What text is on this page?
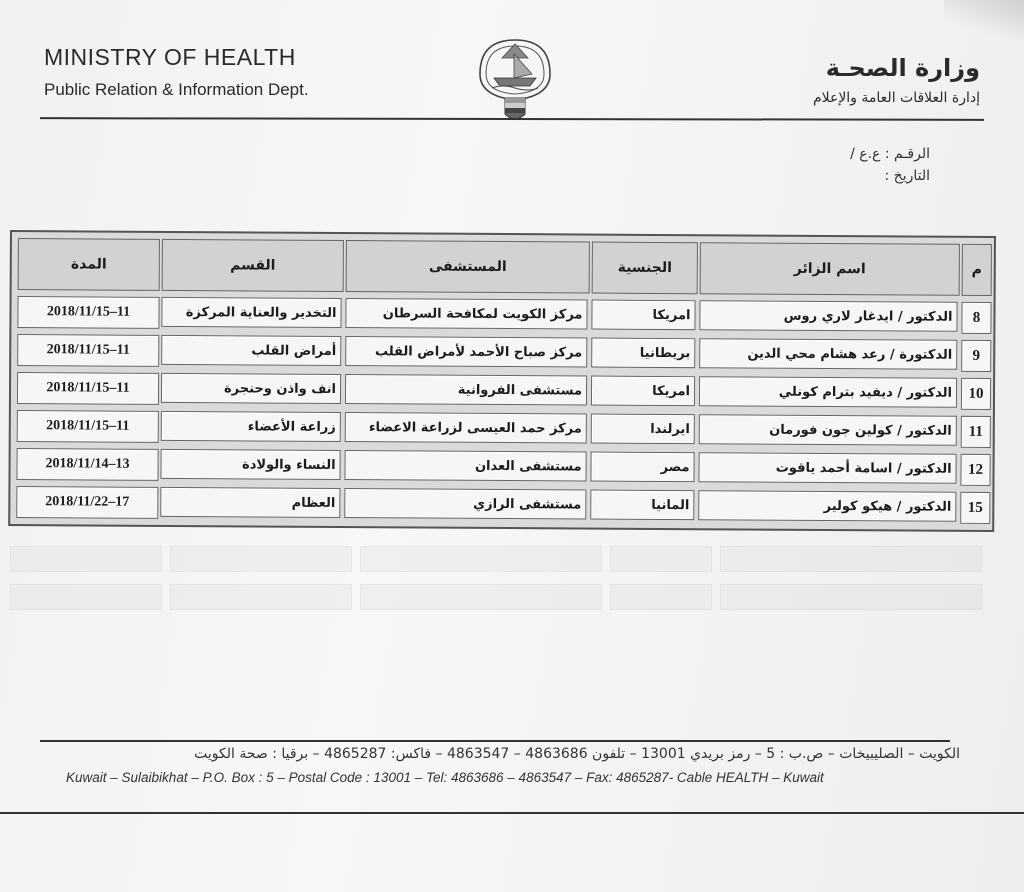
MINISTRY OF HEALTH
Public Relation & Information Dept.
وزارة الصحـة
إدارة العلاقات العامة والإعلام
الرقـم : ع.ع /
التاريخ :
م
اسم الزائر
الجنسية
المستشفى
القسم
المدة
8
الدكتور / ايدغار لاري روس
امريكا
مركز الكويت لمكافحة السرطان
التخدير والعناية المركزة
2018/11/15–11
9
الدكتورة / رعد هشام محي الدين
بريطانيا
مركز صباح الأحمد لأمراض القلب
أمراض القلب
2018/11/15–11
10
الدكتور / ديفيد بترام كونلي
امريكا
مستشفى الفروانية
انف واذن وحنجرة
2018/11/15–11
11
الدكتور / كولين جون فورمان
ايرلندا
مركز حمد العيسى لزراعة الاعضاء
زراعة الأعضاء
2018/11/15–11
12
الدكتور / اسامة أحمد ياقوت
مصر
مستشفى العدان
النساء والولادة
2018/11/14–13
15
الدكتور / هيكو كولير
المانيا
مستشفى الرازي
العظام
2018/11/22–17
الكويت – الصليبيخات – ص.ب : 5 – رمز بريدي 13001 – تلفون 4863686 – 4863547 – فاكس: 4865287 – برقيا : صحة الكويت
Kuwait – Sulaibikhat – P.O. Box : 5 – Postal Code : 13001 – Tel: 4863686 – 4863547 – Fax: 4865287- Cable HEALTH – Kuwait
